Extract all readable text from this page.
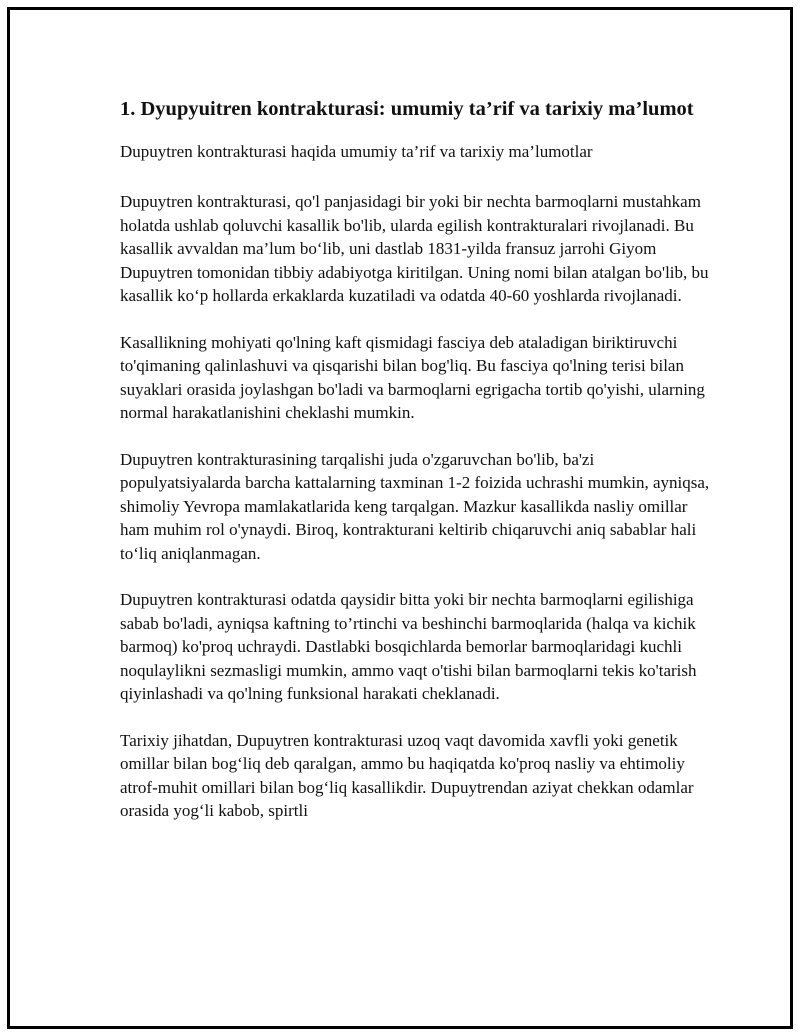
1. Dyupyuitren kontrakturasi: umumiy ta’rif va tarixiy ma’lumot

Dupuytren kontrakturasi haqida umumiy ta’rif va tarixiy ma’lumotlar

Dupuytren kontrakturasi, qo'l panjasidagi bir yoki bir nechta barmoqlarni mustahkam holatda ushlab qoluvchi kasallik bo'lib, ularda egilish kontrakturalari rivojlanadi. Bu kasallik avvaldan ma’lum bo‘lib, uni dastlab 1831-yilda fransuz jarrohi Giyom Dupuytren tomonidan tibbiy adabiyotga kiritilgan. Uning nomi bilan atalgan bo'lib, bu kasallik ko‘p hollarda erkaklarda kuzatiladi va odatda 40-60 yoshlarda rivojlanadi.

Kasallikning mohiyati qo'lning kaft qismidagi fasciya deb ataladigan biriktiruvchi to'qimaning qalinlashuvi va qisqarishi bilan bog'liq. Bu fasciya qo'lning terisi bilan suyaklari orasida joylashgan bo'ladi va barmoqlarni egrigacha tortib qo'yishi, ularning normal harakatlanishini cheklashi mumkin.

Dupuytren kontrakturasining tarqalishi juda o'zgaruvchan bo'lib, ba'zi populyatsiyalarda barcha kattalarning taxminan 1-2 foizida uchrashi mumkin, ayniqsa, shimoliy Yevropa mamlakatlarida keng tarqalgan. Mazkur kasallikda nasliy omillar ham muhim rol o'ynaydi. Biroq, kontrakturani keltirib chiqaruvchi aniq sabablar hali to‘liq aniqlanmagan.

Dupuytren kontrakturasi odatda qaysidir bitta yoki bir nechta barmoqlarni egilishiga sabab bo'ladi, ayniqsa kaftning to’rtinchi va beshinchi barmoqlarida (halqa va kichik barmoq) ko'proq uchraydi. Dastlabki bosqichlarda bemorlar barmoqlaridagi kuchli noqulaylikni sezmasligi mumkin, ammo vaqt o'tishi bilan barmoqlarni tekis ko'tarish qiyinlashadi va qo'lning funksional harakati cheklanadi.

Tarixiy jihatdan, Dupuytren kontrakturasi uzoq vaqt davomida xavfli yoki genetik omillar bilan bog‘liq deb qaralgan, ammo bu haqiqatda ko'proq nasliy va ehtimoliy atrof-muhit omillari bilan bog‘liq kasallikdir. Dupuytrendan aziyat chekkan odamlar orasida yog‘li kabob, spirtli
